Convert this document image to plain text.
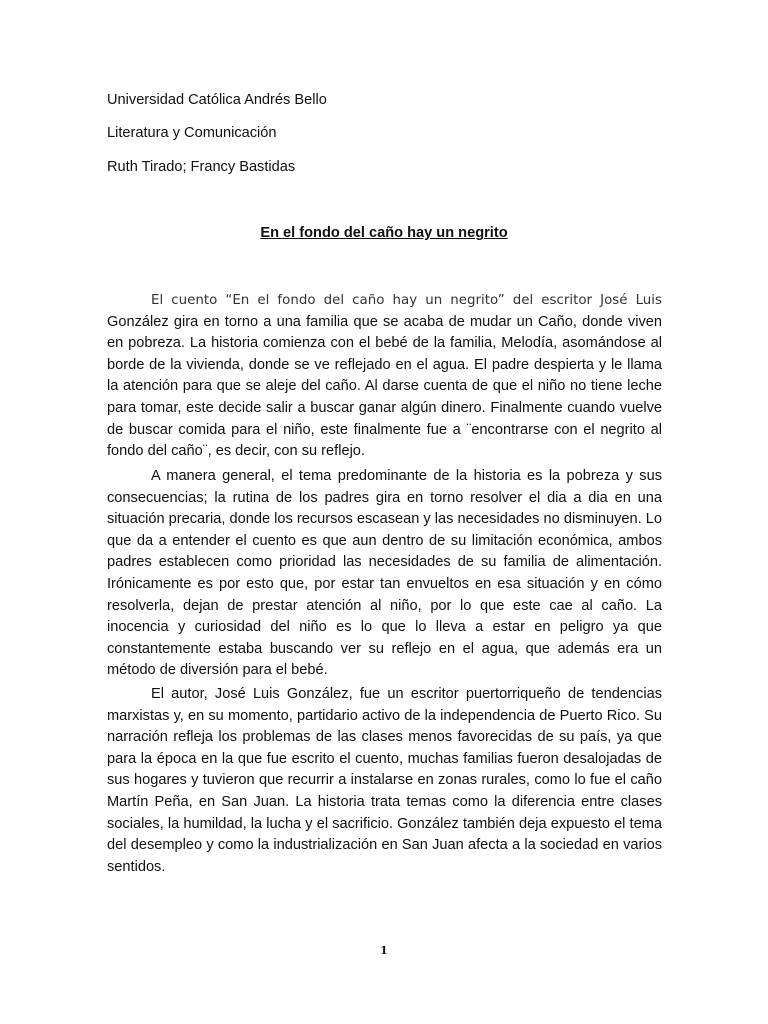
Universidad Católica Andrés Bello
Literatura y Comunicación
Ruth Tirado; Francy Bastidas
En el fondo del caño hay un negrito

El cuento “En el fondo del caño hay un negrito” del escritor José Luis González gira en torno a una familia que se acaba de mudar un Caño, donde viven en pobreza. La historia comienza con el bebé de la familia, Melodía, asomándose al borde de la vivienda, donde se ve reflejado en el agua. El padre despierta y le llama la atención para que se aleje del caño. Al darse cuenta de que el niño no tiene leche para tomar, este decide salir a buscar ganar algún dinero. Finalmente cuando vuelve de buscar comida para el niño, este finalmente fue a ¨encontrarse con el negrito al fondo del caño¨, es decir, con su reflejo.

A manera general, el tema predominante de la historia es la pobreza y sus consecuencias; la rutina de los padres gira en torno resolver el dia a dia en una situación precaria, donde los recursos escasean y las necesidades no disminuyen. Lo que da a entender el cuento es que aun dentro de su limitación económica, ambos padres establecen como prioridad las necesidades de su familia de alimentación. Irónicamente es por esto que, por estar tan envueltos en esa situación y en cómo resolverla, dejan de prestar atención al niño, por lo que este cae al caño. La inocencia y curiosidad del niño es lo que lo lleva a estar en peligro ya que constantemente estaba buscando ver su reflejo en el agua, que además era un método de diversión para el bebé.

El autor, José Luis González, fue un escritor puertorriqueño de tendencias marxistas y, en su momento, partidario activo de la independencia de Puerto Rico. Su narración refleja los problemas de las clases menos favorecidas de su país, ya que para la época en la que fue escrito el cuento, muchas familias fueron desalojadas de sus hogares y tuvieron que recurrir a instalarse en zonas rurales, como lo fue el caño Martín Peña, en San Juan. La historia trata temas como la diferencia entre clases sociales, la humildad, la lucha y el sacrificio. González también deja expuesto el tema del desempleo y como la industrialización en San Juan afecta a la sociedad en varios sentidos.

1
